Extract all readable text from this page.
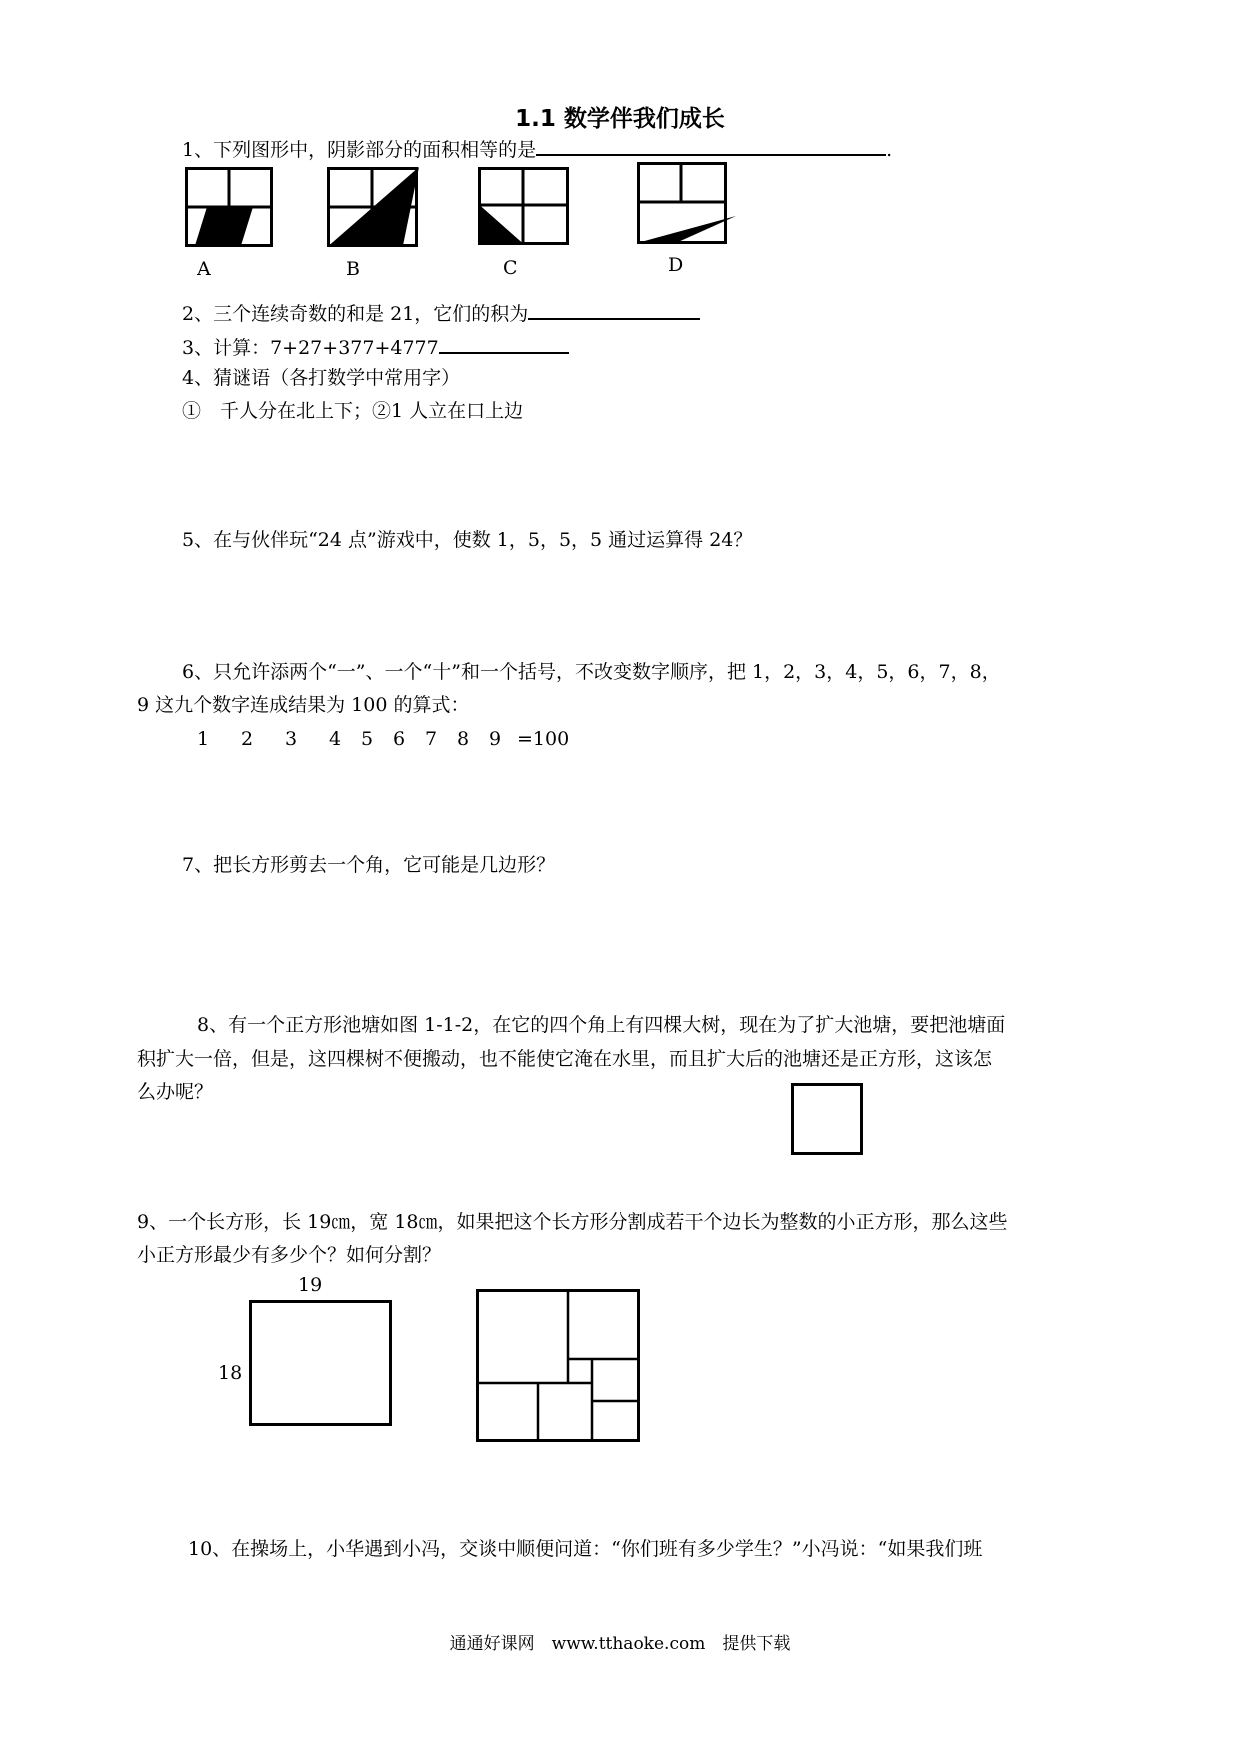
1.1 数学伴我们成长
1、下列图形中，阴影部分的面积相等的是	.
A	B	C	D
2、三个连续奇数的和是 21，它们的积为
3、计算：7+27+377+4777
4、猜谜语（各打数学中常用字）
①　千人分在北上下；②1 人立在口上边
5、在与伙伴玩“24 点”游戏中，使数 1，5，5，5 通过运算得 24？
6、只允许添两个“一”、一个“十”和一个括号，不改变数字顺序，把 1，2，3，4，5，6，7，8，
9 这九个数字连成结果为 100 的算式：
1 2 3 4 5 6 7 8 9 =100
7、把长方形剪去一个角，它可能是几边形？
8、有一个正方形池塘如图 1-1-2，在它的四个角上有四棵大树，现在为了扩大池塘，要把池塘面
积扩大一倍，但是，这四棵树不便搬动，也不能使它淹在水里，而且扩大后的池塘还是正方形，这该怎
么办呢？
9、一个长方形，长 19㎝，宽 18㎝，如果把这个长方形分割成若干个边长为整数的小正方形，那么这些
小正方形最少有多少个？如何分割？
19
18
10、在操场上，小华遇到小冯，交谈中顺便问道：“你们班有多少学生？”小冯说：“如果我们班
通通好课网　www.tthaoke.com　提供下载
